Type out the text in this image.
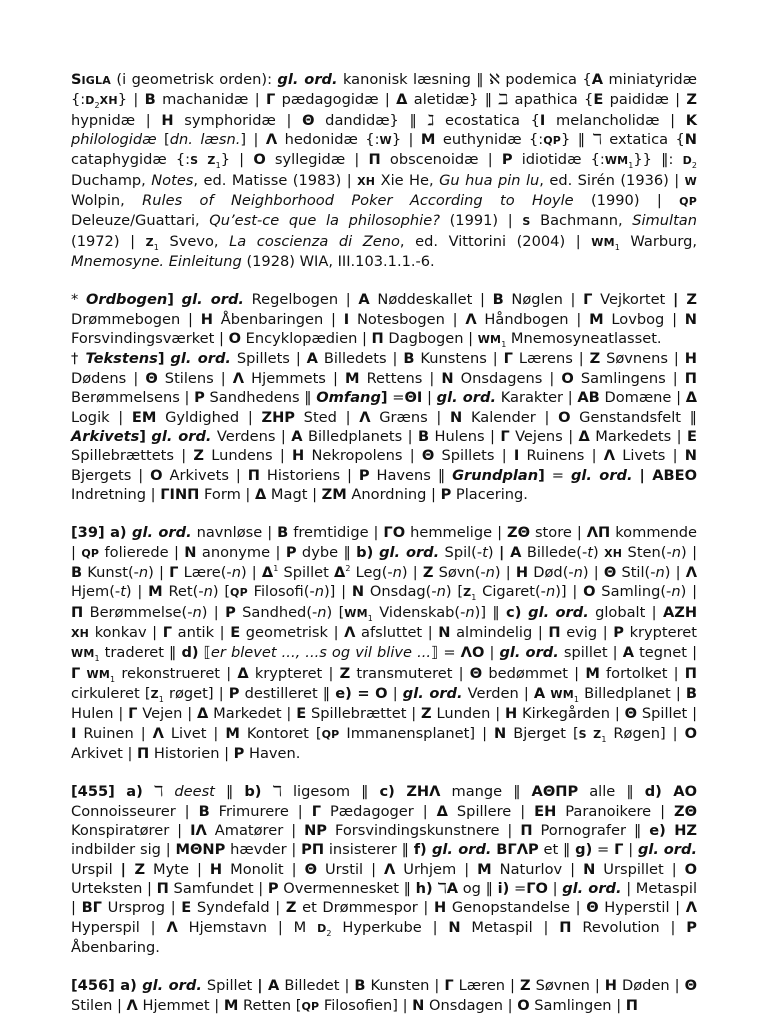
SIGLA (i geometrisk orden): gl. ord. kanonisk læsning ‖ ℵ podemica {A miniatyridæ $\{:D_2XH\}$ | B machanidæ | Γ pædagogidæ | Δ aletidæ} ‖ ℶ apathica {E paididæ | Z hypnidæ | H symphoridæ | Θ dandidæ} ‖ ℷ ecostatica {I melancholidæ | K philologidæ [dn. læsn.] | Λ hedonidæ {:W} | M euthynidæ {:QP} ‖ ℸ extatica {N cataphygidæ {:S $Z_1$} | O syllegidæ | Π obscenoidæ | P idiotidæ $\{:WM_1\}$} ‖: $D_2$ Duchamp, Notes, ed. Matisse (1983) | XH Xie He, Gu hua pin lu, ed. Sirén (1936) | W Wolpin, Rules of Neighborhood Poker According to Hoyle (1990) | QP Deleuze/Guattari, Qu’est-ce que la philosophie? (1991) | S Bachmann, Simultan (1972) | $Z_1$ Svevo, La coscienza di Zeno, ed. Vittorini (2004) | $WM_1$ Warburg, Mnemosyne. Einleitung (1928) WIA, III.103.1.1.-6.

* Ordbogen] gl. ord. Regelbogen | A Nøddeskallet | B Nøglen | Γ Vejkortet | Z Drømmebogen | H Åbenbaringen | I Notesbogen | Λ Håndbogen | M Lovbog | N Forsvindingsværket | O Encyklopædien | Π Dagbogen | $WM_1$ Mnemosyneatlasset.

† Tekstens] gl. ord. Spillets | A Billedets | B Kunstens | Γ Lærens | Z Søvnens | H Dødens | Θ Stilens | Λ Hjemmets | M Rettens | N Onsdagens | O Samlingens | Π Berømmelsens | P Sandhedens ‖ Omfang] =ΘI | gl. ord. Karakter | AB Domæne | Δ Logik | EM Gyldighed | ZHP Sted | Λ Græns | N Kalender | O Genstandsfelt ‖ Arkivets] gl. ord. Verdens | A Billedplanets | B Hulens | Γ Vejens | Δ Markedets | E Spillebrættets | Z Lundens | H Nekropolens | Θ Spillets | I Ruinens | Λ Livets | N Bjergets | O Arkivets | Π Historiens | P Havens ‖ Grundplan] = gl. ord. | ABEO Indretning | ΓΙΝΠ Form | Δ Magt | ZM Anordning | P Placering.

[39] a) gl. ord. navnløse | B fremtidige | ΓO hemmelige | ZΘ store | ΛΠ kommende | QP folierede | N anonyme | P dybe ‖ b) gl. ord. Spil(-t) | A Billede(-t) XH Sten(-n) | B Kunst(-n) | Γ Lære(-n) | $\Delta^1$ Spillet $\Delta^2$ Leg(-n) | Z Søvn(-n) | H Død(-n) | Θ Stil(-n) | Λ Hjem(-t) | M Ret(-n) [QP Filosofi(-n)] | N Onsdag(-n) [$Z_1$ Cigaret(-n)] | O Samling(-n) | Π Berømmelse(-n) | P Sandhed(-n) [$WM_1$ Videnskab(-n)] ‖ c) gl. ord. globalt | AZH XH konkav | Γ antik | E geometrisk | Λ afsluttet | N almindelig | Π evig | P krypteret $WM_1$ traderet ‖ d) ⟦er blevet ..., ...s og vil blive ...⟧ = ΛO | gl. ord. spillet | A tegnet | Γ $WM_1$ rekonstrueret | Δ krypteret | Z transmuteret | Θ bedømmet | M fortolket | Π cirkuleret [$Z_1$ røget] | P destilleret ‖ e) = O | gl. ord. Verden | A $WM_1$ Billedplanet | B Hulen | Γ Vejen | Δ Markedet | E Spillebrættet | Z Lunden | H Kirkegården | Θ Spillet | I Ruinen | Λ Livet | M Kontoret [QP Immanensplanet] | N Bjerget [S $Z_1$ Røgen] | O Arkivet | Π Historien | P Haven.

[455] a) ℸ deest ‖ b) ℸ ligesom ‖ c) ZHΛ mange ‖ AΘΠP alle ‖ d) AO Connoisseurer | B Frimurere | Γ Pædagoger | Δ Spillere | EH Paranoikere | ZΘ Konspiratører | IΛ Amatører | NP Forsvindingskunstnere | Π Pornografer ‖ e) HZ indbilder sig | MΘNP hævder | PΠ insisterer ‖ f) gl. ord. BΓΛP et ‖ g) = Γ | gl. ord. Urspil | Z Myte | H Monolit | Θ Urstil | Λ Urhjem | M Naturlov | N Urspillet | O Urteksten | Π Samfundet | P Overmennesket ‖ h) ℸA og ‖ i) =ΓO | gl. ord. | Metaspil | BΓ Ursprog | E Syndefald | Z et Drømmespor | H Genopstandelse | Θ Hyperstil | Λ Hyperspil | Λ Hjemstavn | M $D_2$ Hyperkube | N Metaspil | Π Revolution | P Åbenbaring.

[456] a) gl. ord. Spillet | A Billedet | B Kunsten | Γ Læren | Z Søvnen | H Døden | Θ Stilen | Λ Hjemmet | M Retten [QP Filosofien] | N Onsdagen | O Samlingen | Π
